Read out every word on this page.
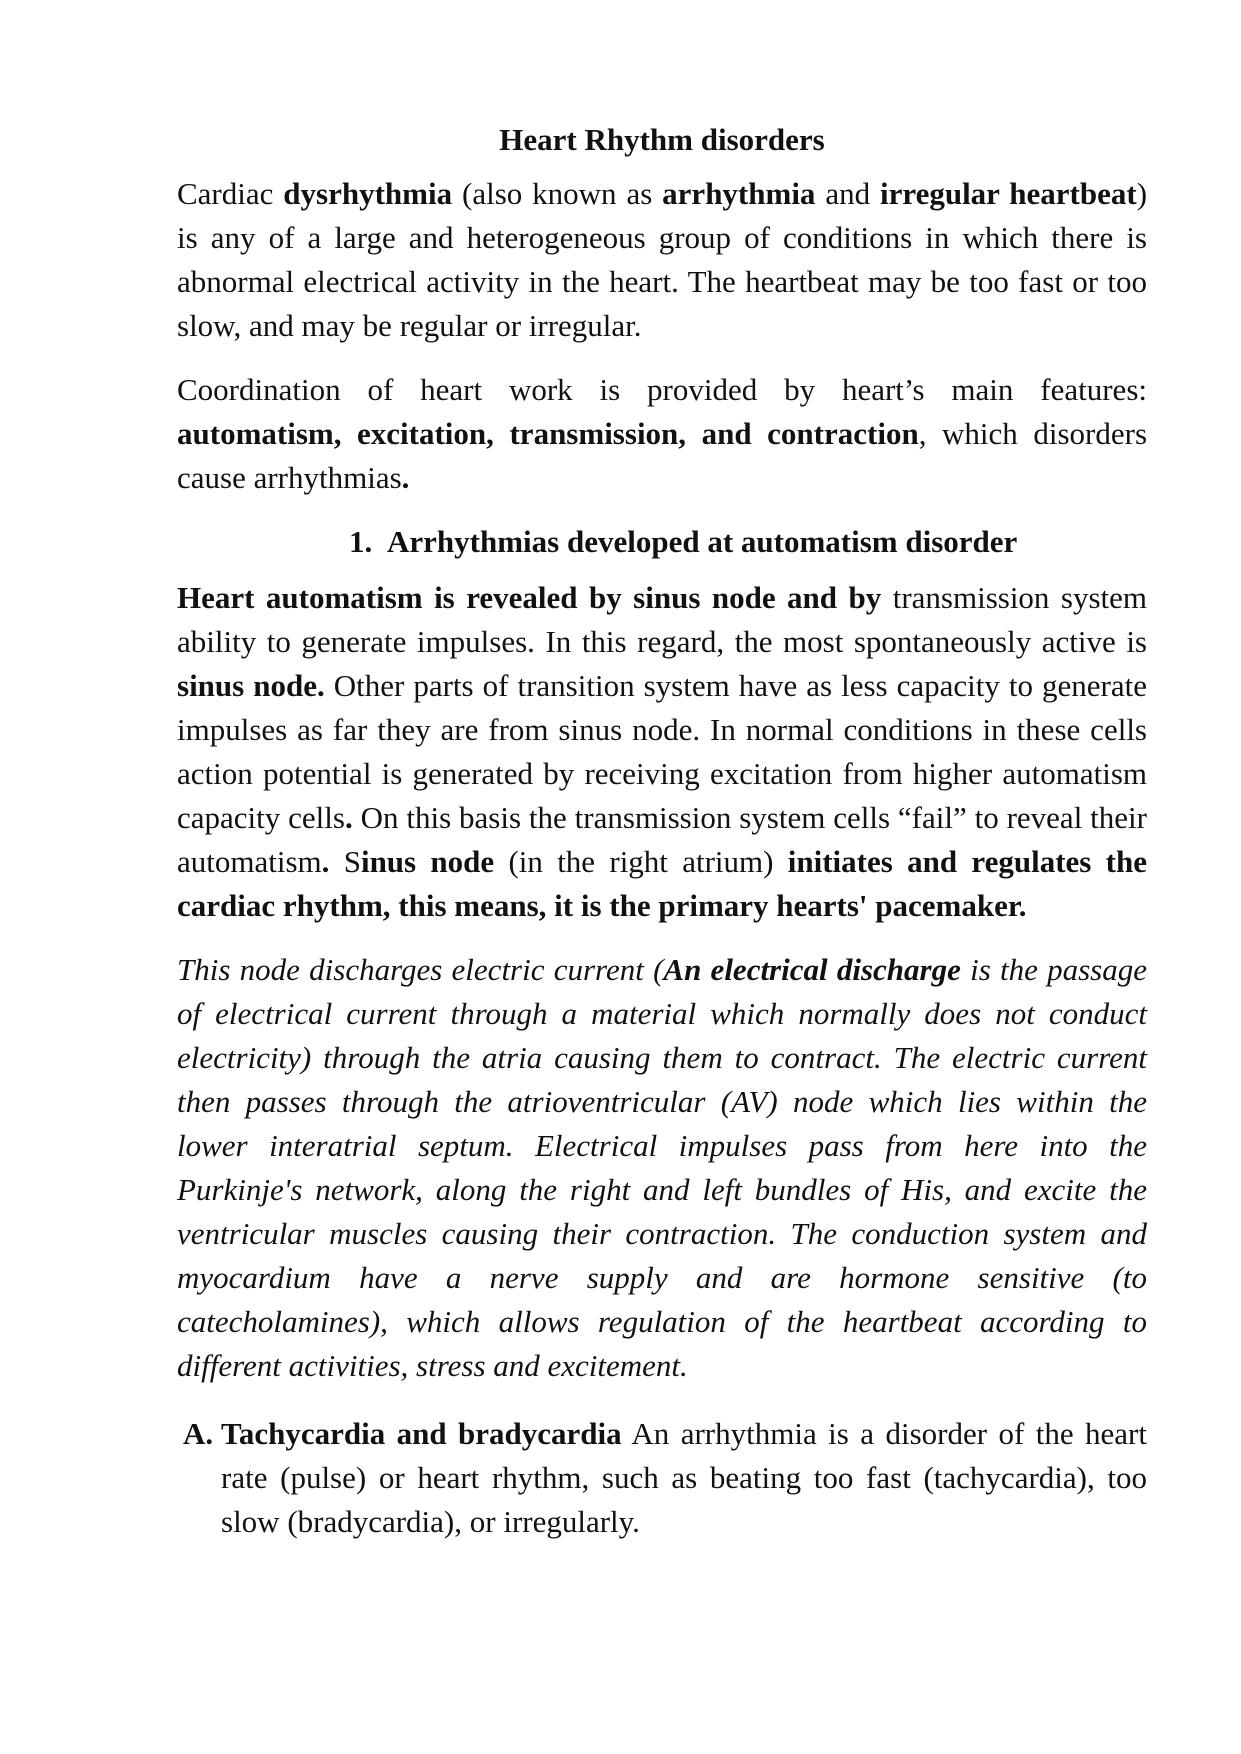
Heart Rhythm disorders

Cardiac dysrhythmia (also known as arrhythmia and irregular heartbeat) is any of a large and heterogeneous group of conditions in which there is abnormal electrical activity in the heart. The heartbeat may be too fast or too slow, and may be regular or irregular.

Coordination of heart work is provided by heart’s main features: automatism, excitation, transmission, and contraction, which disorders cause arrhythmias.

1. Arrhythmias developed at automatism disorder

Heart automatism is revealed by sinus node and by transmission system ability to generate impulses. In this regard, the most spontaneously active is sinus node. Other parts of transition system have as less capacity to generate impulses as far they are from sinus node. In normal conditions in these cells action potential is generated by receiving excitation from higher automatism capacity cells. On this basis the transmission system cells “fail” to reveal their automatism. Sinus node (in the right atrium) initiates and regulates the cardiac rhythm, this means, it is the primary hearts' pacemaker.

This node discharges electric current (An electrical discharge is the passage of electrical current through a material which normally does not conduct electricity) through the atria causing them to contract. The electric current then passes through the atrioventricular (AV) node which lies within the lower interatrial septum. Electrical impulses pass from here into the Purkinje's network, along the right and left bundles of His, and excite the ventricular muscles causing their contraction. The conduction system and myocardium have a nerve supply and are hormone sensitive (to catecholamines), which allows regulation of the heartbeat according to different activities, stress and excitement.

A. Tachycardia and bradycardia An arrhythmia is a disorder of the heart rate (pulse) or heart rhythm, such as beating too fast (tachycardia), too slow (bradycardia), or irregularly.
